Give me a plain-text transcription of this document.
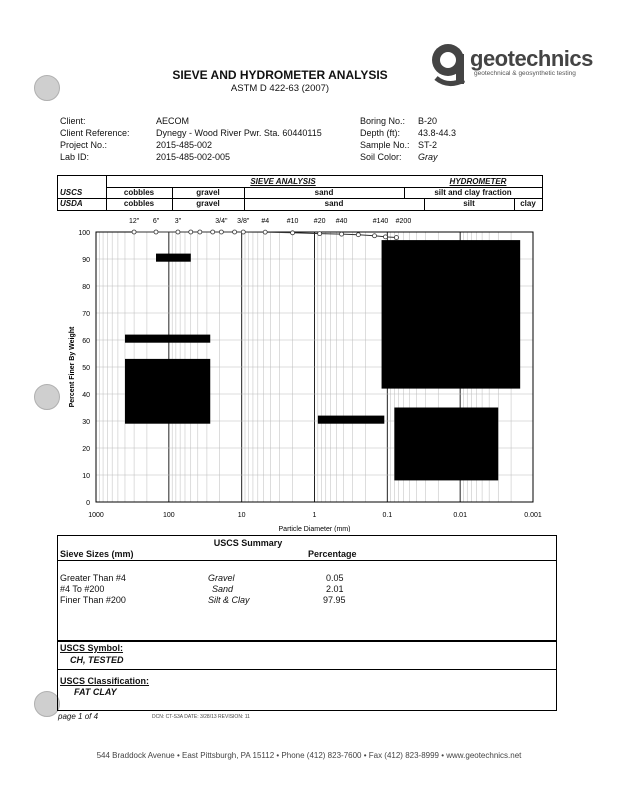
geotechnics
geotechnical & geosynthetic testing
SIEVE AND HYDROMETER ANALYSIS
ASTM D 422-63 (2007)
Client:	AECOM
Client Reference:	Dynegy - Wood River Pwr. Sta. 60440115
Project No.:	2015-485-002
Lab ID:	2015-485-002-005
Boring No.: B-20
Depth (ft): 43.8-44.3
Sample No.: ST-2
Soil Color: Gray
SIEVE ANALYSIS	HYDROMETER
USCS
USDA
cobbles	gravel	sand	silt and clay fraction
cobbles	gravel	sand	silt	clay
0
10
20
30
40
50
60
70
80
90
100
1000	100	10	1	0.1	0.01	0.001
Particle Diameter (mm)
Percent Finer By Weight
12" 6" 3"	3/4" 3/8" #4	#10 #20 #40	#140 #200
USCS Summary
Sieve Sizes (mm)	Percentage
Greater Than #4	Gravel	0.05
#4 To #200	Sand	2.01
Finer Than #200	Silt & Clay	97.95
USCS Symbol:
CH, TESTED
USCS Classification:
FAT CLAY
page 1 of 4	DCN: CT-S3A DATE: 3/28/13 REVISION: 11
544 Braddock Avenue • East Pittsburgh, PA 15112 • Phone (412) 823-7600 • Fax (412) 823-8999 • www.geotechnics.net
